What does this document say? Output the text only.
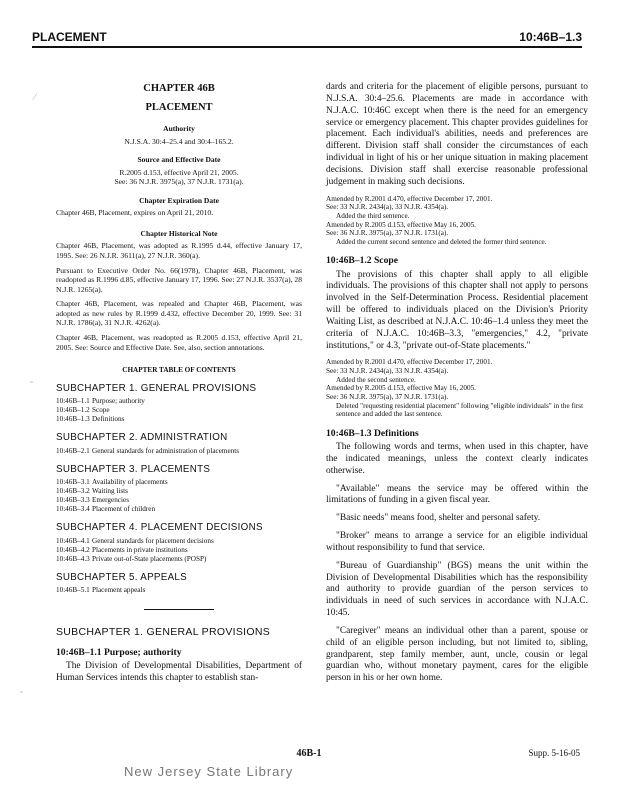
PLACEMENT	10:46B–1.3
CHAPTER 46B
PLACEMENT
Authority
N.J.S.A. 30:4–25.4 and 30:4–165.2.
Source and Effective Date
R.2005 d.153, effective April 21, 2005.
See: 36 N.J.R. 3975(a), 37 N.J.R. 1731(a).
Chapter Expiration Date
Chapter 46B, Placement, expires on April 21, 2010.
Chapter Historical Note
Chapter 46B, Placement, was adopted as R.1995 d.44, effective January 17, 1995. See: 26 N.J.R. 3611(a), 27 N.J.R. 360(a).
Pursuant to Executive Order No. 66(1978), Chapter 46B, Placement, was readopted as R.1996 d.85, effective January 17, 1996. See: 27 N.J.R. 3537(a), 28 N.J.R. 1265(a).
Chapter 46B, Placement, was repealed and Chapter 46B, Placement, was adopted as new rules by R.1999 d.432, effective December 20, 1999. See: 31 N.J.R. 1786(a), 31 N.J.R. 4262(a).
Chapter 46B, Placement, was readopted as R.2005 d.153, effective April 21, 2005. See: Source and Effective Date. See, also, section annotations.
CHAPTER TABLE OF CONTENTS
SUBCHAPTER 1. GENERAL PROVISIONS
10:46B–1.1 Purpose; authority
10:46B–1.2 Scope
10:46B–1.3 Definitions
SUBCHAPTER 2. ADMINISTRATION
10:46B–2.1 General standards for administration of placements
SUBCHAPTER 3. PLACEMENTS
10:46B–3.1 Availability of placements
10:46B–3.2 Waiting lists
10:46B–3.3 Emergencies
10:46B–3.4 Placement of children
SUBCHAPTER 4. PLACEMENT DECISIONS
10:46B–4.1 General standards for placement decisions
10:46B–4.2 Placements in private institutions
10:46B–4.3 Private out-of-State placements (POSP)
SUBCHAPTER 5. APPEALS
10:46B–5.1 Placement appeals
SUBCHAPTER 1. GENERAL PROVISIONS
10:46B–1.1 Purpose; authority
The Division of Developmental Disabilities, Department of Human Services intends this chapter to establish stan-

dards and criteria for the placement of eligible persons, pursuant to N.J.S.A. 30:4–25.6. Placements are made in accordance with N.J.A.C. 10:46C except when there is the need for an emergency service or emergency placement. This chapter provides guidelines for placement. Each individual's abilities, needs and preferences are different. Division staff shall consider the circumstances of each individual in light of his or her unique situation in making placement decisions. Division staff shall exercise reasonable professional judgement in making such decisions.

Amended by R.2001 d.470, effective December 17, 2001.
See: 33 N.J.R. 2434(a), 33 N.J.R. 4354(a).
Added the third sentence.
Amended by R.2005 d.153, effective May 16, 2005.
See: 36 N.J.R. 3975(a), 37 N.J.R. 1731(a).
Added the current second sentence and deleted the former third sentence.
10:46B–1.2 Scope

The provisions of this chapter shall apply to all eligible individuals. The provisions of this chapter shall not apply to persons involved in the Self-Determination Process. Residential placement will be offered to individuals placed on the Division's Priority Waiting List, as described at N.J.A.C. 10:46–1.4 unless they meet the criteria of N.J.A.C. 10:46B–3.3, "emergencies," 4.2, "private institutions," or 4.3, "private out-of-State placements."

Amended by R.2001 d.470, effective December 17, 2001.
See: 33 N.J.R. 2434(a), 33 N.J.R. 4354(a).
Added the second sentence.
Amended by R.2005 d.153, effective May 16, 2005.
See: 36 N.J.R. 3975(a), 37 N.J.R. 1731(a).
Deleted "requesting residential placement" following "eligible individuals" in the first sentence and added the last sentence.
10:46B–1.3 Definitions

The following words and terms, when used in this chapter, have the indicated meanings, unless the context clearly indicates otherwise.

"Available" means the service may be offered within the limitations of funding in a given fiscal year.

"Basic needs" means food, shelter and personal safety.

"Broker" means to arrange a service for an eligible individual without responsibility to fund that service.

"Bureau of Guardianship" (BGS) means the unit within the Division of Developmental Disabilities which has the responsibility and authority to provide guardian of the person services to individuals in need of such services in accordance with N.J.A.C. 10:45.

"Caregiver" means an individual other than a parent, spouse or child of an eligible person including, but not limited to, sibling, grandparent, step family member, aunt, uncle, cousin or legal guardian who, without monetary payment, cares for the eligible person in his or her own home.

⁄
˜
˜
46B-1	Supp. 5-16-05
New Jersey State Library
